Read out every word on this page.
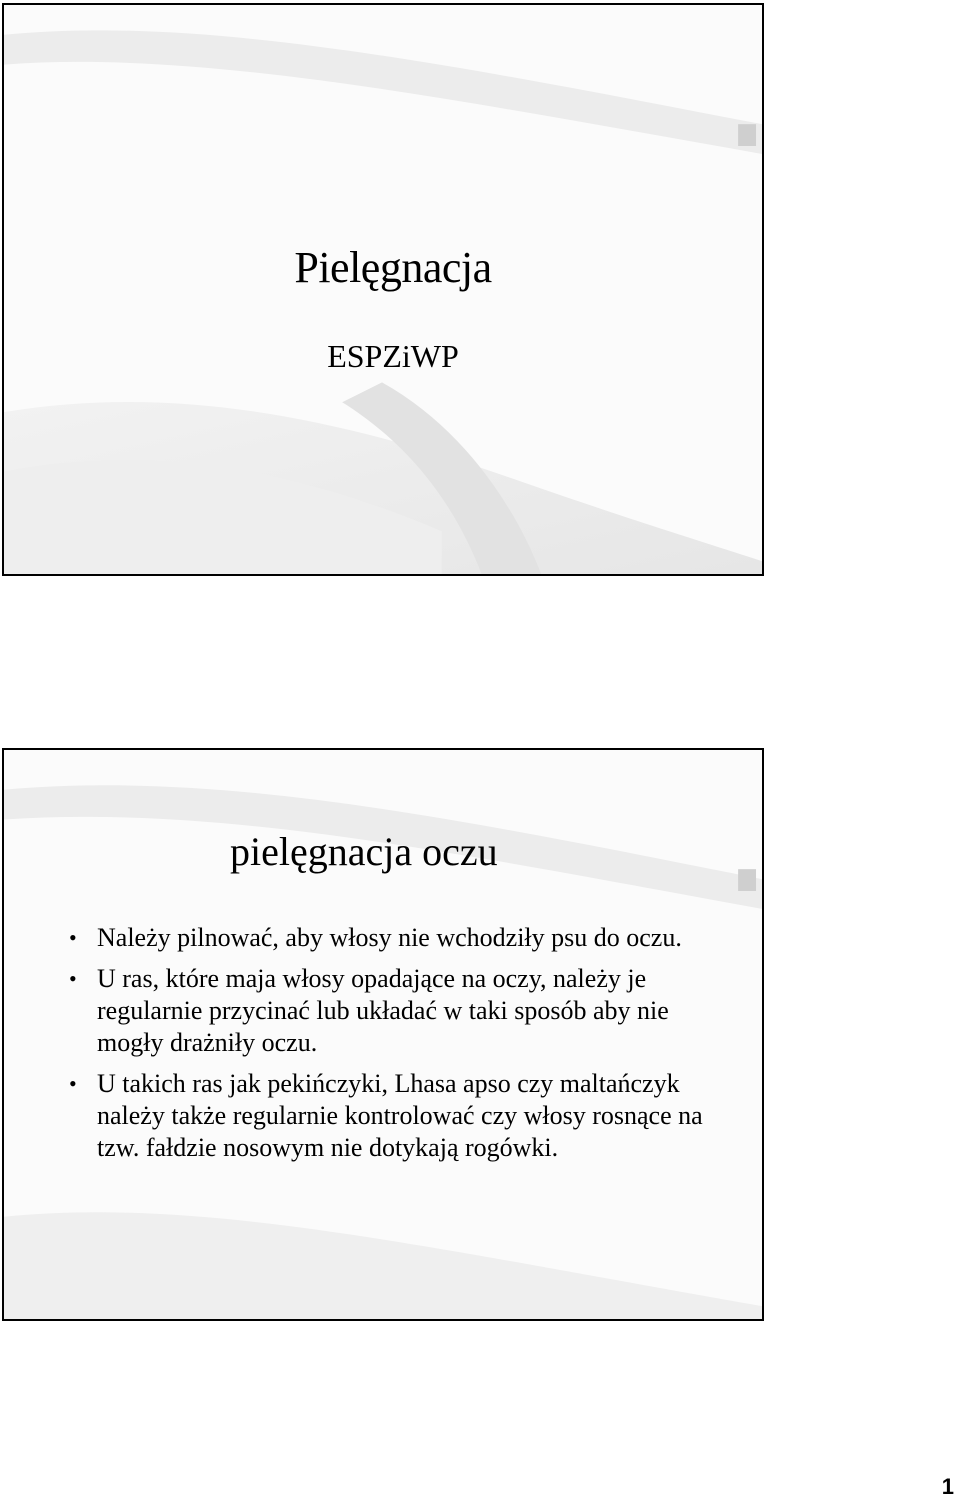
Pielęgnacja
ESPZiWP
pielęgnacja oczu
• Należy pilnować, aby włosy nie wchodziły psu do oczu.
• U ras, które maja włosy opadające na oczy, należy je regularnie przycinać lub układać w taki sposób aby nie mogły drażniły oczu.
• U takich ras jak pekińczyki, Lhasa apso czy maltańczyk należy także regularnie kontrolować czy włosy rosnące na tzw. fałdzie nosowym nie dotykają rogówki.
1
